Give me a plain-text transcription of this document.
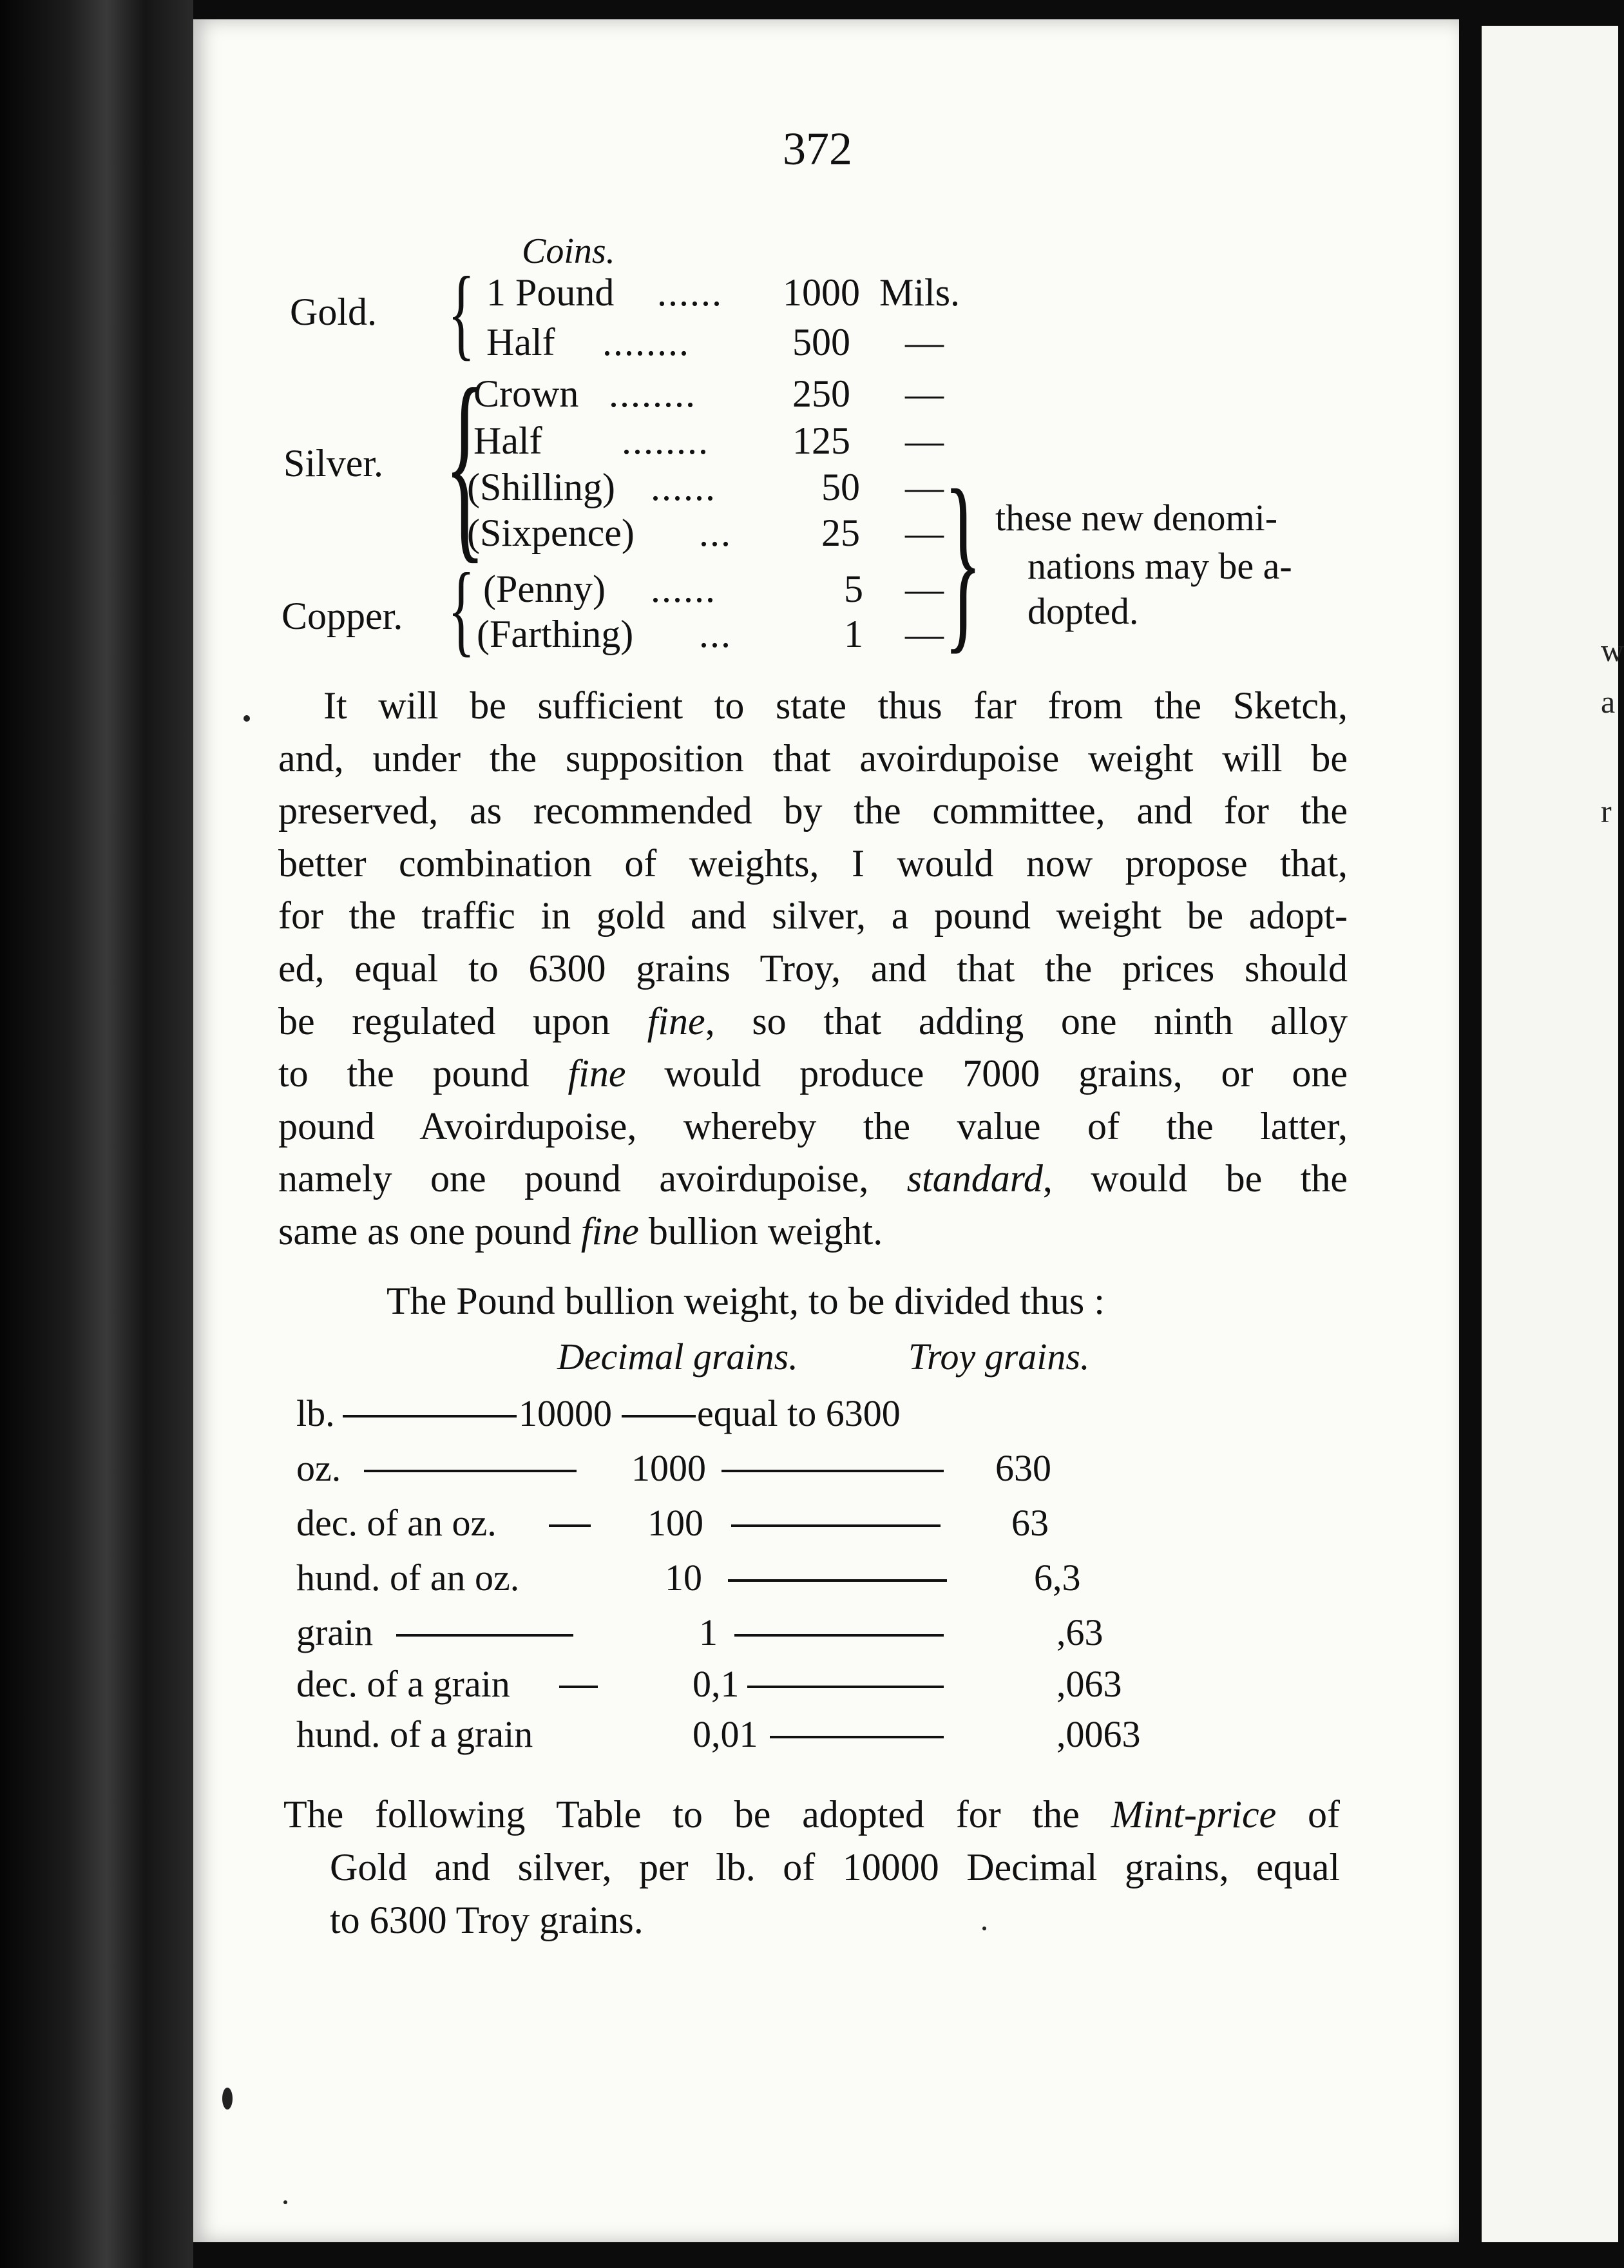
w
a
r
372
Coins.
Gold. { 1 Pound ......	1000 Mils.
Half ........	500	—
Silver. {
Crown ........	250	—
Half ........	125	—
(Shilling) ......	50	—
(Sixpence) ...	25	— } these new denomi-
nations may be a-
dopted.
Copper. { (Penny) ......	5	—
(Farthing) ...	1	—
It will be sufficient to state thus far from the Sketch,
and, under the supposition that avoirdupoise weight will be
preserved, as recommended by the committee, and for the
better combination of weights, I would now propose that,
for the traffic in gold and silver, a pound weight be adopt-
ed, equal to 6300 grains Troy, and that the prices should
be regulated upon fine, so that adding one ninth alloy
to the pound fine would produce 7000 grains, or one
pound Avoirdupoise, whereby the value of the latter,
namely one pound avoirdupoise, standard, would be the
same as one pound fine bullion weight.
The Pound bullion weight, to be divided thus :
Decimal grains.	Troy grains.
lb.	10000 equal to 6300
oz.	1000	630
dec. of an oz.	100	63
hund. of an oz.	10	6,3
grain	1	,63
dec. of a grain	0,1	,063
hund. of a grain	0,01	,0063
The following Table to be adopted for the Mint-price of
Gold and silver, per lb. of 10000 Decimal grains, equal
to 6300 Troy grains.
